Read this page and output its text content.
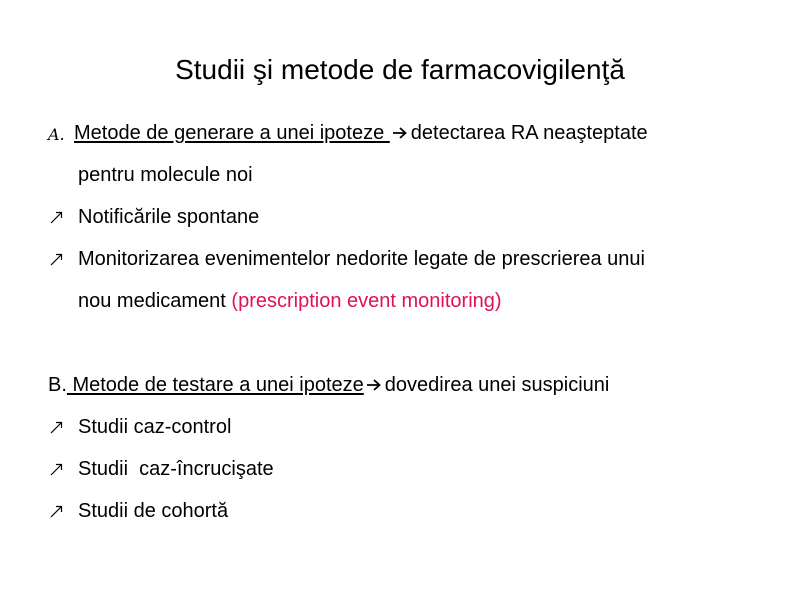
Studii şi metode de farmacovigilenţă
A. Metode de generare a unei ipoteze detectarea RA neaşteptate
pentru molecule noi
Notificările spontane
Monitorizarea evenimentelor nedorite legate de prescrierea unui
nou medicament (prescription event monitoring)
B. Metode de testare a unei ipoteze dovedirea unei suspiciuni
Studii caz-control
Studii  caz-încrucişate
Studii de cohortă
